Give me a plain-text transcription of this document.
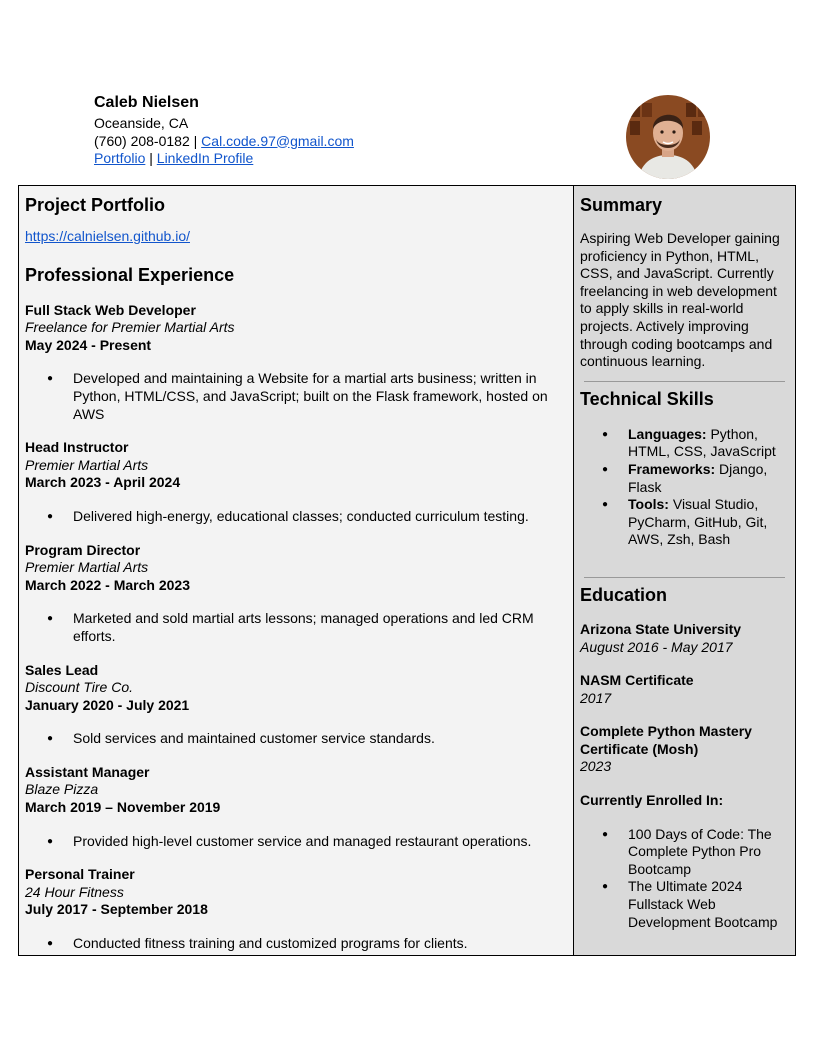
Caleb Nielsen
Oceanside, CA
(760) 208-0182 | Cal.code.97@gmail.com
Portfolio | LinkedIn Profile
Project Portfolio
https://calnielsen.github.io/
Professional Experience
Full Stack Web Developer
Freelance for Premier Martial Arts
May 2024 - Present
● Developed and maintaining a Website for a martial arts business; written in Python, HTML/CSS, and JavaScript; built on the Flask framework, hosted on AWS
Head Instructor
Premier Martial Arts
March 2023 - April 2024
● Delivered high-energy, educational classes; conducted curriculum testing.
Program Director
Premier Martial Arts
March 2022 - March 2023
● Marketed and sold martial arts lessons; managed operations and led CRM efforts.
Sales Lead
Discount Tire Co.
January 2020 - July 2021
● Sold services and maintained customer service standards.
Assistant Manager
Blaze Pizza
March 2019 – November 2019
● Provided high-level customer service and managed restaurant operations.
Personal Trainer
24 Hour Fitness
July 2017 - September 2018
● Conducted fitness training and customized programs for clients.
Summary
Aspiring Web Developer gaining proficiency in Python, HTML, CSS, and JavaScript. Currently freelancing in web development to apply skills in real-world projects. Actively improving through coding bootcamps and continuous learning.
Technical Skills
● Languages: Python, HTML, CSS, JavaScript
● Frameworks: Django, Flask
● Tools: Visual Studio, PyCharm, GitHub, Git, AWS, Zsh, Bash
Education
Arizona State University
August 2016 - May 2017
NASM Certificate
2017
Complete Python Mastery Certificate (Mosh)
2023
Currently Enrolled In:
● 100 Days of Code: The Complete Python Pro Bootcamp
● The Ultimate 2024 Fullstack Web Development Bootcamp
